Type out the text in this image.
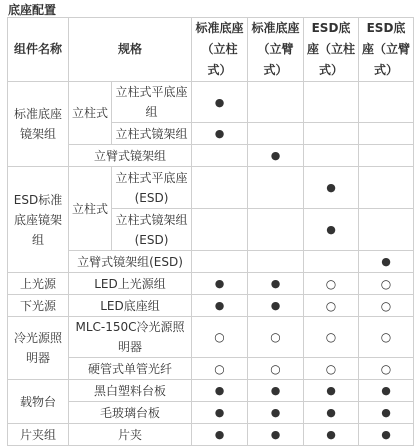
底座配置
组件名称	规格		标准底座（立柱式）	标准底座（立臂式）	ESD底座（立柱式）	ESD底座（立臂式）
标准底座镜架组	立柱式	立柱式平底座组	●			
		立柱式镜架组	●			
	立臂式镜架组			●		
ESD标准底座镜架组	立柱式	立柱式平底座(ESD)			●	
		立柱式镜架组(ESD)			●	
	立臂式镜架组(ESD)					●
上光源	LED上光源组		●	●	○	○
下光源	LED底座组		●	●	○	○
冷光源照明器	MLC-150C冷光源照明器		○	○	○	○
	硬管式单管光纤		○	○	○	○
载物台	黑白塑料台板		●	●	●	●
	毛玻璃台板		●	●	●	●
片夹组	片夹		●	●	●	●
